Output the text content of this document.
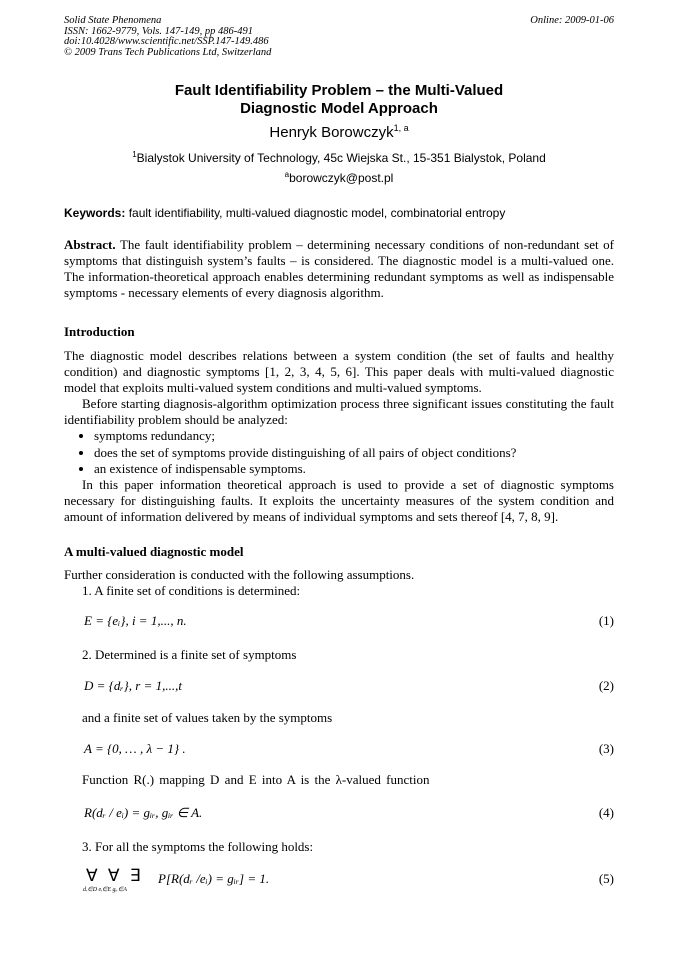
Solid State Phenomena
ISSN: 1662-9779, Vols. 147-149, pp 486-491
doi:10.4028/www.scientific.net/SSP.147-149.486
© 2009 Trans Tech Publications Ltd, Switzerland
Online: 2009-01-06
Fault Identifiability Problem – the Multi-Valued
Diagnostic Model Approach
Henryk Borowczyk$^{1, a}$
$^1$Bialystok University of Technology, 45c Wiejska St., 15-351 Bialystok, Poland
$^a$borowczyk@post.pl
Keywords: fault identifiability, multi-valued diagnostic model, combinatorial entropy
Abstract. The fault identifiability problem – determining necessary conditions of non-redundant set of symptoms that distinguish system’s faults – is considered. The diagnostic model is a multi-valued one. The information-theoretical approach enables determining redundant symptoms as well as indispensable symptoms - necessary elements of every diagnosis algorithm.
Introduction
The diagnostic model describes relations between a system condition (the set of faults and healthy condition) and diagnostic symptoms [1, 2, 3, 4, 5, 6]. This paper deals with multi-valued diagnostic model that exploits multi-valued system conditions and multi-valued symptoms.
Before starting diagnosis-algorithm optimization process three significant issues constituting the fault identifiability problem should be analyzed:
• symptoms redundancy;
• does the set of symptoms provide distinguishing of all pairs of object conditions?
• an existence of indispensable symptoms.
In this paper information theoretical approach is used to provide a set of diagnostic symptoms necessary for distinguishing faults. It exploits the uncertainty measures of the system condition and amount of information delivered by means of individual symptoms and sets thereof [4, 7, 8, 9].
A multi-valued diagnostic model
Further consideration is conducted with the following assumptions.
1. A finite set of conditions is determined:
E = {eᵢ}, i = 1,..., n.	(1)
2. Determined is a finite set of symptoms
D = {dᵣ}, r = 1,...,t	(2)
and a finite set of values taken by the symptoms
A = {0, … , λ − 1} .	(3)
Function R(.) mapping D and E into A is the λ-valued function
R(dᵣ / eᵢ) = gᵢᵣ, gᵢᵣ ∈ A.	(4)
3. For all the symptoms the following holds:
∀ ∀ ∃
dᵣ∈D eᵢ∈E gᵢᵣ∈A
P[R(dᵣ /eᵢ) = gᵢᵣ] = 1.	(5)
